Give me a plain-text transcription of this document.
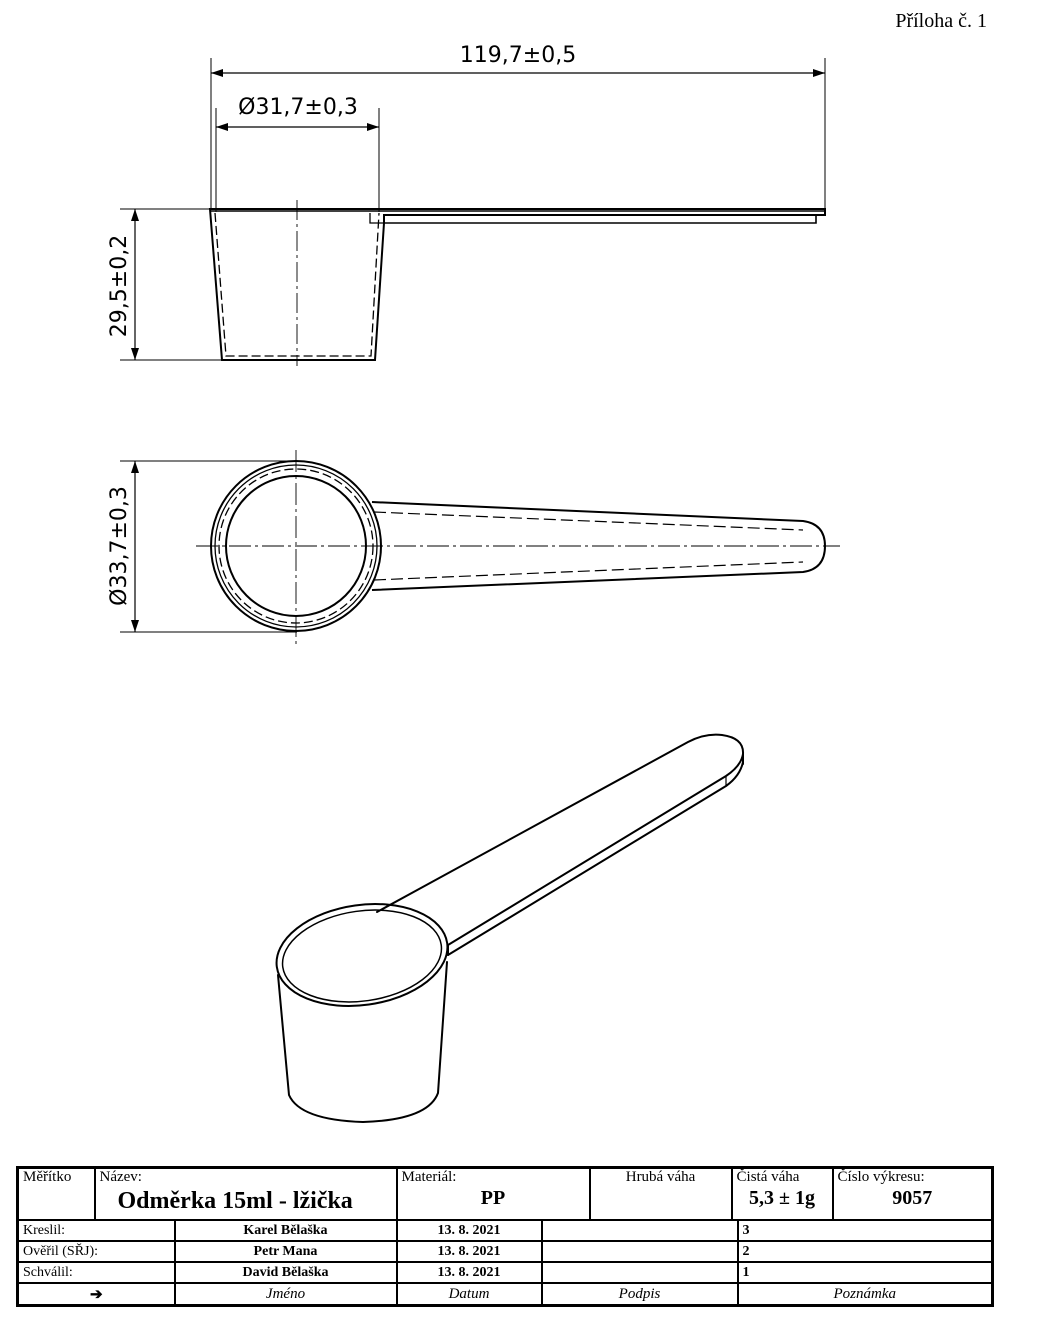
Příloha č. 1
119,7±0,5
Ø31,7±0,3
29,5±0,2
Ø33,7±0,3
Měřítko	Název:
Odměrka 15ml - lžička		Materiál:
PP		Hrubá váha	Čistá váha
5,3 ± 1g		Číslo výkresu:
9057

Kreslil:		Karel Bělaška	13. 8. 2021				3	
Ověřil (SŘJ):		Petr Mana	13. 8. 2021				2	
Schválil:		David Bělaška	13. 8. 2021				1	
➔		Jméno	Datum	Podpis			Poznámka	
